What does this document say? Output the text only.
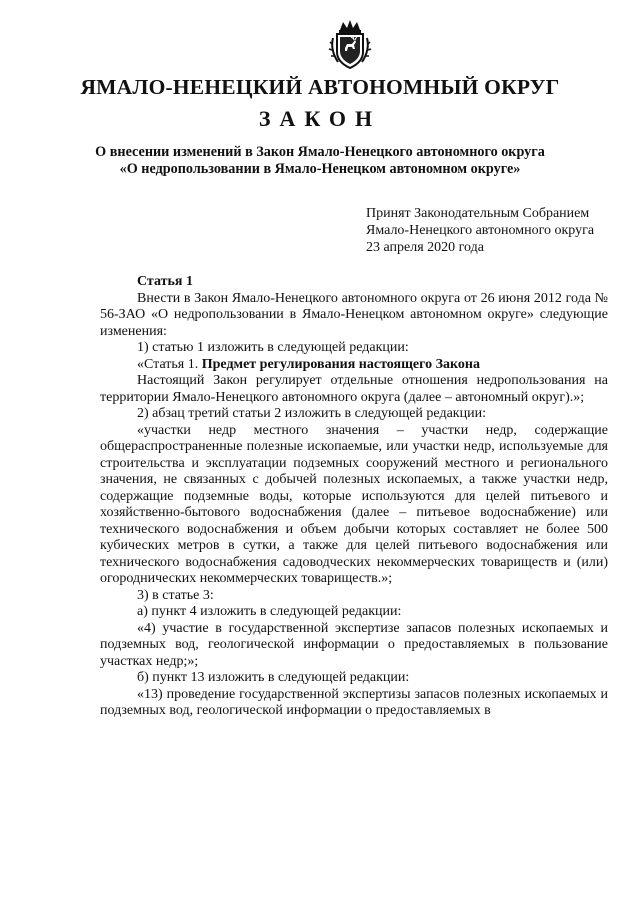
ЯМАЛО-НЕНЕЦКИЙ АВТОНОМНЫЙ ОКРУГ
ЗАКОН
О внесении изменений в Закон Ямало-Ненецкого автономного округа
«О недропользовании в Ямало-Ненецком автономном округе»
Принят Законодательным Собранием
Ямало-Ненецкого автономного округа
23 апреля 2020 года

Статья 1

Внести в Закон Ямало-Ненецкого автономного округа от 26 июня 2012 года № 56-ЗАО «О недропользовании в Ямало-Ненецком автономном округе» следующие изменения:

1) статью 1 изложить в следующей редакции:

«Статья 1. Предмет регулирования настоящего Закона

Настоящий Закон регулирует отдельные отношения недропользования на территории Ямало-Ненецкого автономного округа (далее – автономный округ).»;

2) абзац третий статьи 2 изложить в следующей редакции:

«участки недр местного значения – участки недр, содержащие общераспространенные полезные ископаемые, или участки недр, используемые для строительства и эксплуатации подземных сооружений местного и регионального значения, не связанных с добычей полезных ископаемых, а также участки недр, содержащие подземные воды, которые используются для целей питьевого и хозяйственно-бытового водоснабжения (далее – питьевое водоснабжение) или технического водоснабжения и объем добычи которых составляет не более 500 кубических метров в сутки, а также для целей питьевого водоснабжения или технического водоснабжения садоводческих некоммерческих товариществ и (или) огороднических некоммерческих товариществ.»;

3) в статье 3:

а) пункт 4 изложить в следующей редакции:

«4) участие в государственной экспертизе запасов полезных ископаемых и подземных вод, геологической информации о предоставляемых в пользование участках недр;»;

б) пункт 13 изложить в следующей редакции:

«13) проведение государственной экспертизы запасов полезных ископаемых и подземных вод, геологической информации о предоставляемых в
